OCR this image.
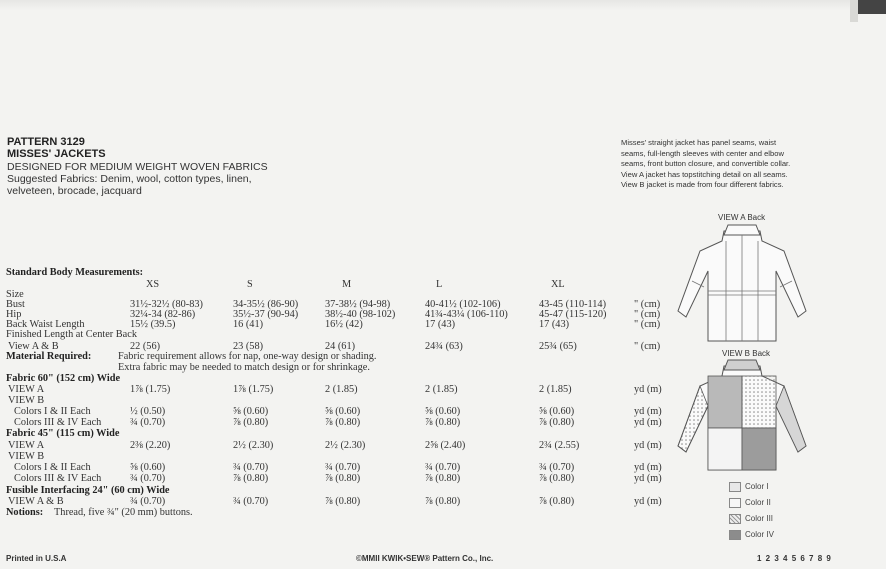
PATTERN 3129
MISSES' JACKETS
DESIGNED FOR MEDIUM WEIGHT WOVEN FABRICS
Suggested Fabrics: Denim, wool, cotton types, linen,
velveteen, brocade, jacquard
Misses' straight jacket has panel seams, waist
seams, full-length sleeves with center and elbow
seams, front button closure, and convertible collar.
View A jacket has topstitching detail on all seams.
View B jacket is made from four different fabrics.
VIEW A Back
VIEW B Back
Color I
Color II
Color III
Color IV
Standard Body Measurements:
XS	S	M	L	XL
Size
Bust	31½-32½ (80-83)	34-35½ (86-90)	37-38½ (94-98)	40-41½ (102-106)	43-45 (110-114)	" (cm)
Hip	32¼-34 (82-86)	35½-37 (90-94)	38½-40 (98-102)	41¾-43¼ (106-110)	45-47 (115-120)	" (cm)
Back Waist Length	15½ (39.5)	16 (41)	16½ (42)	17 (43)	17 (43)	" (cm)
Finished Length at Center Back
View A & B	22 (56)	23 (58)	24 (61)	24¾ (63)	25¾ (65)	" (cm)
Material Required:	Fabric requirement allows for nap, one-way design or shading.
Extra fabric may be needed to match design or for shrinkage.
Fabric 60" (152 cm) Wide
VIEW A	1⅞ (1.75)	1⅞ (1.75)	2 (1.85)	2 (1.85)	2 (1.85)	yd (m)
VIEW B
Colors I & II Each	½ (0.50)	⅝ (0.60)	⅝ (0.60)	⅝ (0.60)	⅝ (0.60)	yd (m)
Colors III & IV Each	¾ (0.70)	⅞ (0.80)	⅞ (0.80)	⅞ (0.80)	⅞ (0.80)	yd (m)
Fabric 45" (115 cm) Wide
VIEW A	2⅜ (2.20)	2½ (2.30)	2½ (2.30)	2⅝ (2.40)	2¾ (2.55)	yd (m)
VIEW B
Colors I & II Each	⅝ (0.60)	¾ (0.70)	¾ (0.70)	¾ (0.70)	¾ (0.70)	yd (m)
Colors III & IV Each	¾ (0.70)	⅞ (0.80)	⅞ (0.80)	⅞ (0.80)	⅞ (0.80)	yd (m)
Fusible Interfacing 24" (60 cm) Wide
VIEW A & B	¾ (0.70)	¾ (0.70)	⅞ (0.80)	⅞ (0.80)	⅞ (0.80)	yd (m)
Notions: Thread, five ¾" (20 mm) buttons.
Printed in U.S.A	©MMII KWIK•SEW® Pattern Co., Inc.	1 2 3 4 5 6 7 8 9
